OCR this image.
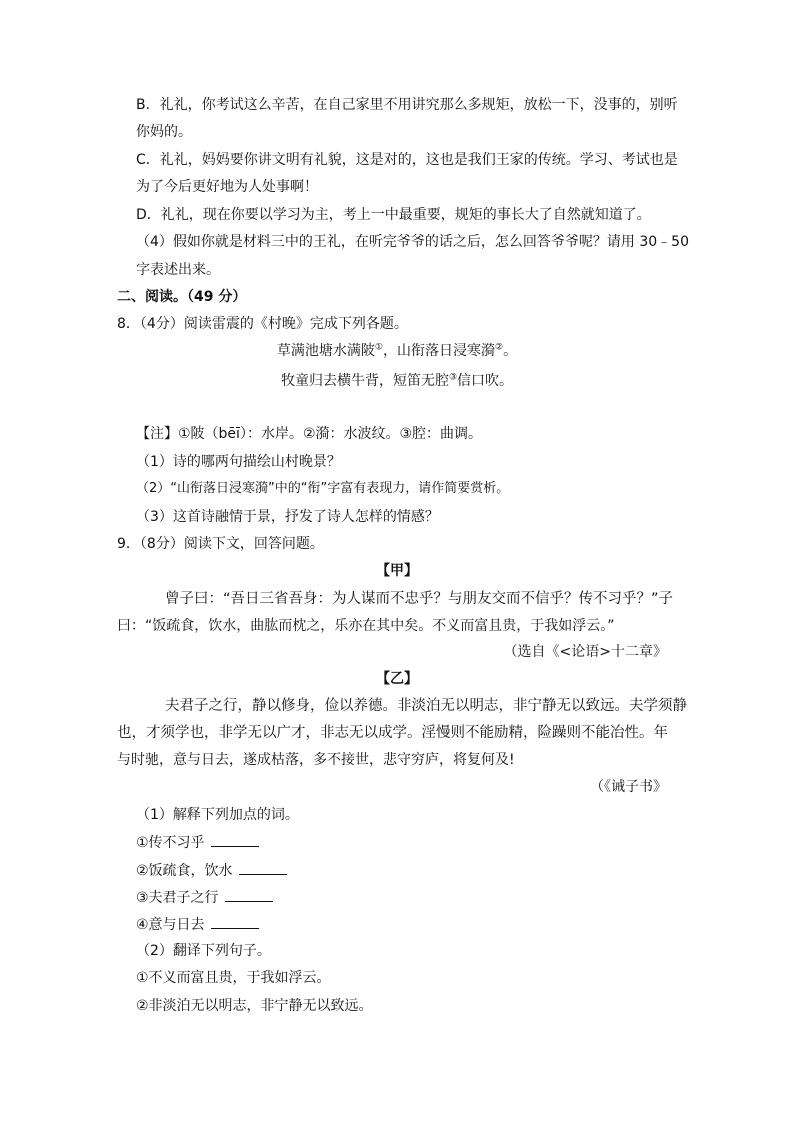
B．礼礼，你考试这么辛苦，在自己家里不用讲究那么多规矩，放松一下，没事的，别听
你妈的。
C．礼礼，妈妈要你讲文明有礼貌，这是对的，这也是我们王家的传统。学习、考试也是
为了今后更好地为人处事啊！
D．礼礼，现在你要以学习为主，考上一中最重要，规矩的事长大了自然就知道了。
（4）假如你就是材料三中的王礼，在听完爷爷的话之后，怎么回答爷爷呢？请用 30﹣50
字表述出来。
二、阅读。（49 分）
8．（4分）阅读雷震的《村晚》完成下列各题。
草满池塘水满陂①，山衔落日浸寒漪②。
牧童归去横牛背，短笛无腔③信口吹。
【注】①陂（bēī）：水岸。②漪：水波纹。③腔：曲调。
（1）诗的哪两句描绘山村晚景？
（2）“山衔落日浸寒漪”中的“衔”字富有表现力，请作简要赏析。
（3）这首诗融情于景，抒发了诗人怎样的情感？
9．（8分）阅读下文，回答问题。
【甲】
曾子曰：“吾日三省吾身：为人谋而不忠乎？与朋友交而不信乎？传不习乎？”子
曰：“饭疏食，饮水，曲肱而枕之，乐亦在其中矣。不义而富且贵，于我如浮云。”
（选自《<论语>十二章》
【乙】
夫君子之行，静以修身，俭以养德。非淡泊无以明志，非宁静无以致远。夫学须静
也，才须学也，非学无以广才，非志无以成学。淫慢则不能励精，险躁则不能冶性。年
与时驰，意与日去，遂成枯落，多不接世，悲守穷庐，将复何及!
（《诫子书》
（1）解释下列加点的词。
①传不习乎
②饭疏食，饮水
③夫君子之行
④意与日去
（2）翻译下列句子。
①不义而富且贵，于我如浮云。
②非淡泊无以明志，非宁静无以致远。
